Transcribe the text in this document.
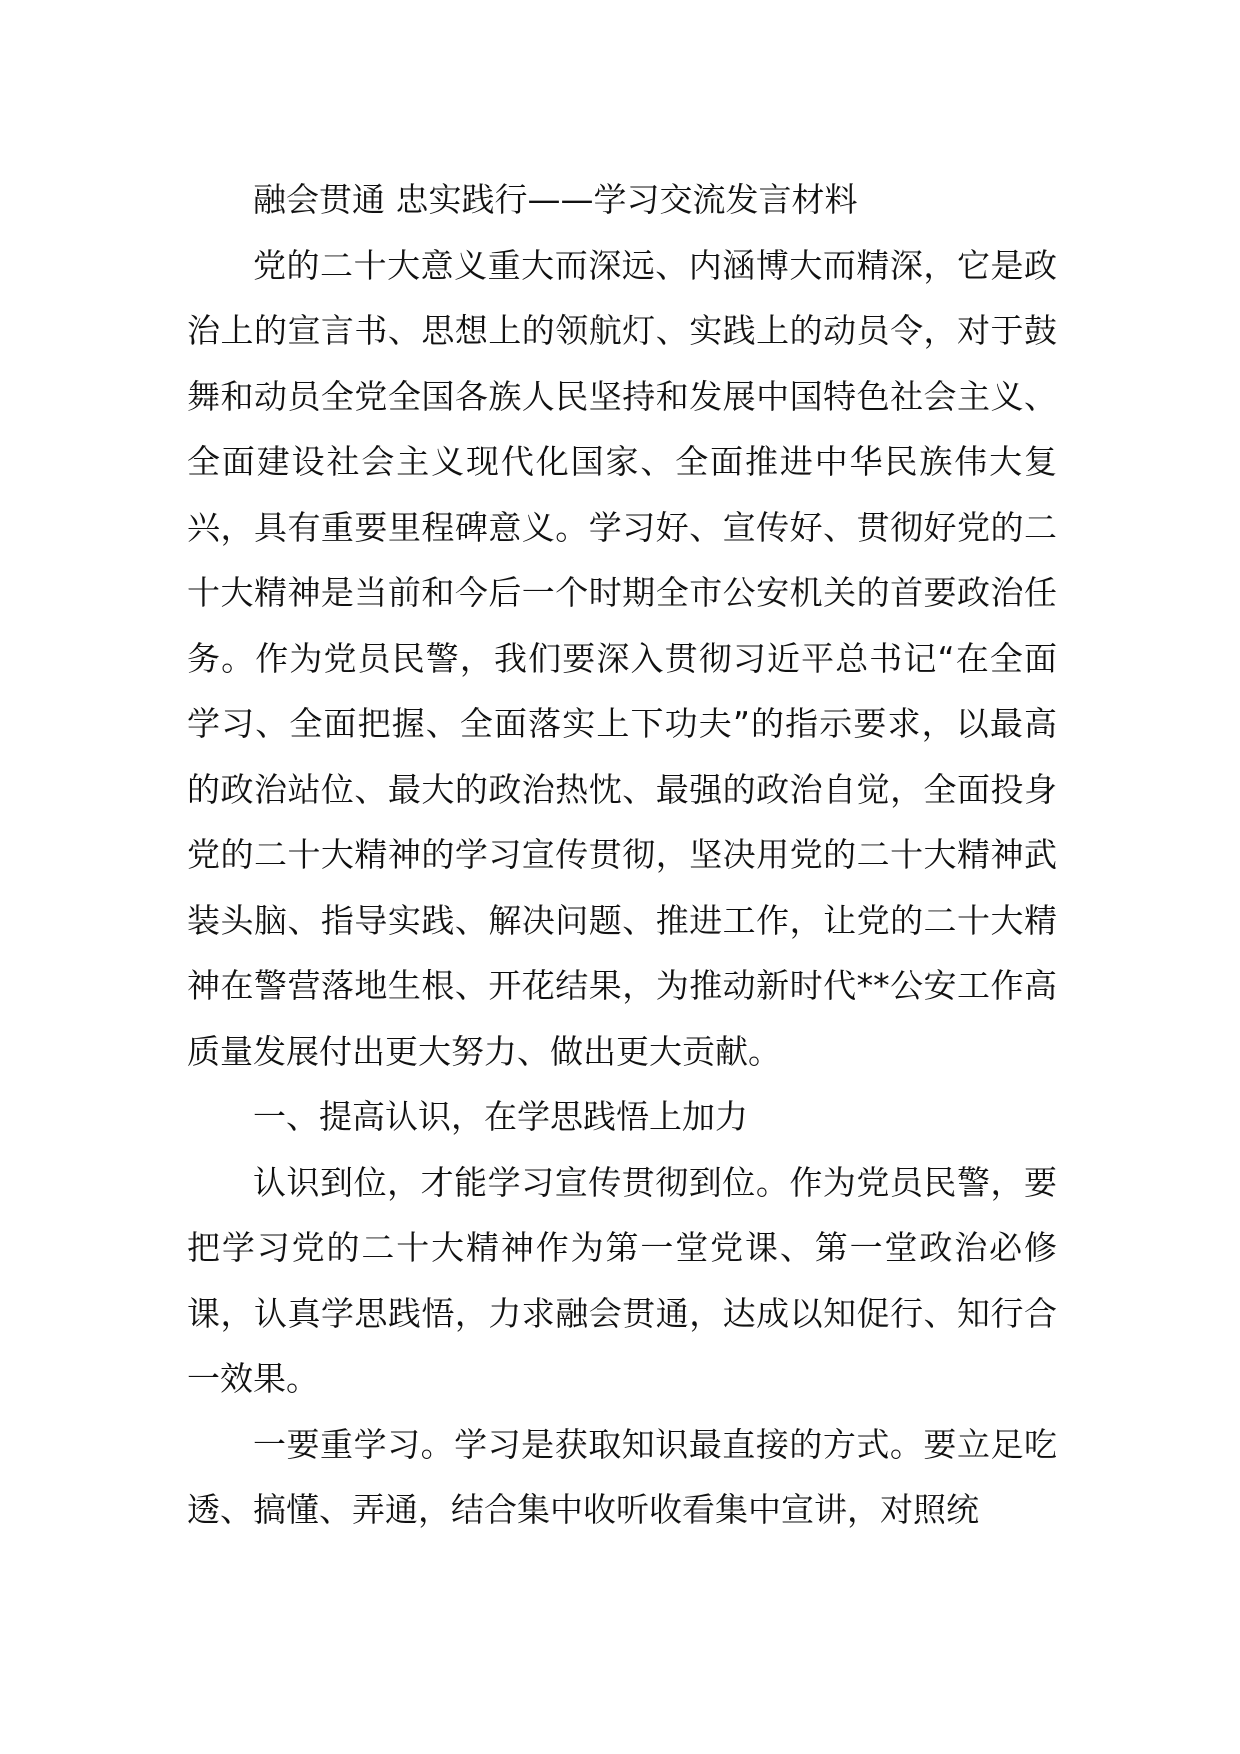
融会贯通 忠实践行——学习交流发言材料

党的二十大意义重大而深远、内涵博大而精深，它是政治上的宣言书、思想上的领航灯、实践上的动员令，对于鼓舞和动员全党全国各族人民坚持和发展中国特色社会主义、全面建设社会主义现代化国家、全面推进中华民族伟大复兴，具有重要里程碑意义。学习好、宣传好、贯彻好党的二十大精神是当前和今后一个时期全市公安机关的首要政治任务。作为党员民警，我们要深入贯彻习近平总书记“在全面学习、全面把握、全面落实上下功夫”的指示要求，以最高的政治站位、最大的政治热忱、最强的政治自觉，全面投身党的二十大精神的学习宣传贯彻，坚决用党的二十大精神武装头脑、指导实践、解决问题、推进工作，让党的二十大精神在警营落地生根、开花结果，为推动新时代**公安工作高质量发展付出更大努力、做出更大贡献。

一、提高认识，在学思践悟上加力

认识到位，才能学习宣传贯彻到位。作为党员民警，要把学习党的二十大精神作为第一堂党课、第一堂政治必修课，认真学思践悟，力求融会贯通，达成以知促行、知行合一效果。

一要重学习。学习是获取知识最直接的方式。要立足吃透、搞懂、弄通，结合集中收听收看集中宣讲，对照统
